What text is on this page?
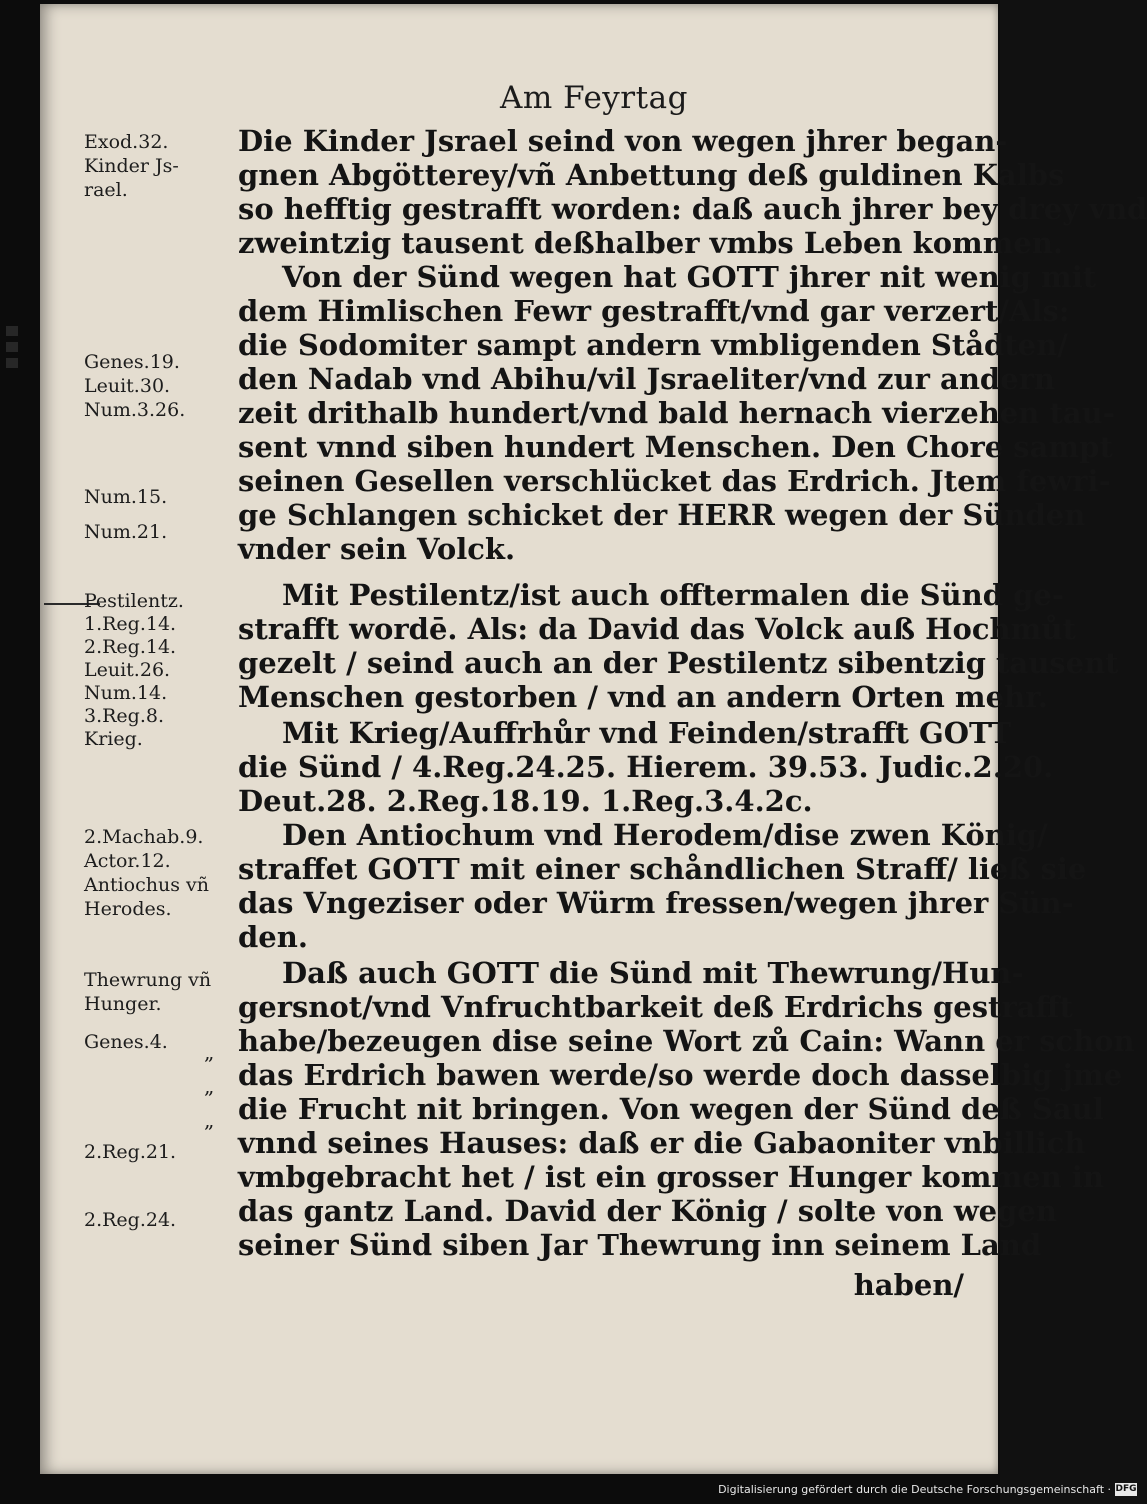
Am Feyrtag
Exod.32.
Kinder Js-
rael.
Genes.19.
Leuit.30.
Num.3.26.
Num.15.
Num.21.
Pestilentz.
1.Reg.14.
2.Reg.14.
Leuit.26.
Num.14.
3.Reg.8.
Krieg.
2.Machab.9.
Actor.12.
Antiochus vñ
Herodes.
Thewrung vñ
Hunger.
Genes.4.
2.Reg.21.
2.Reg.24.
„
„
„
Die Kinder Jsrael seind von wegen jhrer began-
gnen Abgötterey/vñ Anbettung deß guldinen Kalbs
so hefftig gestrafft worden: daß auch jhrer bey drey vnd
zweintzig tausent deßhalber vmbs Leben kommen.
Von der Sünd wegen hat GOTT jhrer nit wenig mit
dem Himlischen Fewr gestrafft/vnd gar verzert/Als:
die Sodomiter sampt andern vmbligenden Stådten/
den Nadab vnd Abihu/vil Jsraeliter/vnd zur andern
zeit drithalb hundert/vnd bald hernach vierzehen tau-
sent vnnd siben hundert Menschen. Den Chore sampt
seinen Gesellen verschlücket das Erdrich. Jtem fewri-
ge Schlangen schicket der HERR wegen der Sünden
vnder sein Volck.
Mit Pestilentz/ist auch offtermalen die Sünd ge-
strafft wordē. Als: da David das Volck auß Hochmůt
gezelt / seind auch an der Pestilentz sibentzig tausent
Menschen gestorben / vnd an andern Orten mehr.
Mit Krieg/Auffrhůr vnd Feinden/strafft GOTT
die Sünd / 4.Reg.24.25. Hierem. 39.53. Judic.2.20.
Deut.28. 2.Reg.18.19. 1.Reg.3.4.2c.
Den Antiochum vnd Herodem/dise zwen König/
straffet GOTT mit einer schåndlichen Straff/ ließ sie
das Vngeziser oder Würm fressen/wegen jhrer Sün-
den.
Daß auch GOTT die Sünd mit Thewrung/Hun-
gersnot/vnd Vnfruchtbarkeit deß Erdrichs gestrafft
habe/bezeugen dise seine Wort zů Cain: Wann er schon
das Erdrich bawen werde/so werde doch dasselbig jme
die Frucht nit bringen. Von wegen der Sünd deß Saul
vnnd seines Hauses: daß er die Gabaoniter vnbillich
vmbgebracht het / ist ein grosser Hunger kommen in
das gantz Land. David der König / solte von wegen
seiner Sünd siben Jar Thewrung inn seinem Land
haben/
Digitalisierung gefördert durch die Deutsche Forschungsgemeinschaft · DFG
